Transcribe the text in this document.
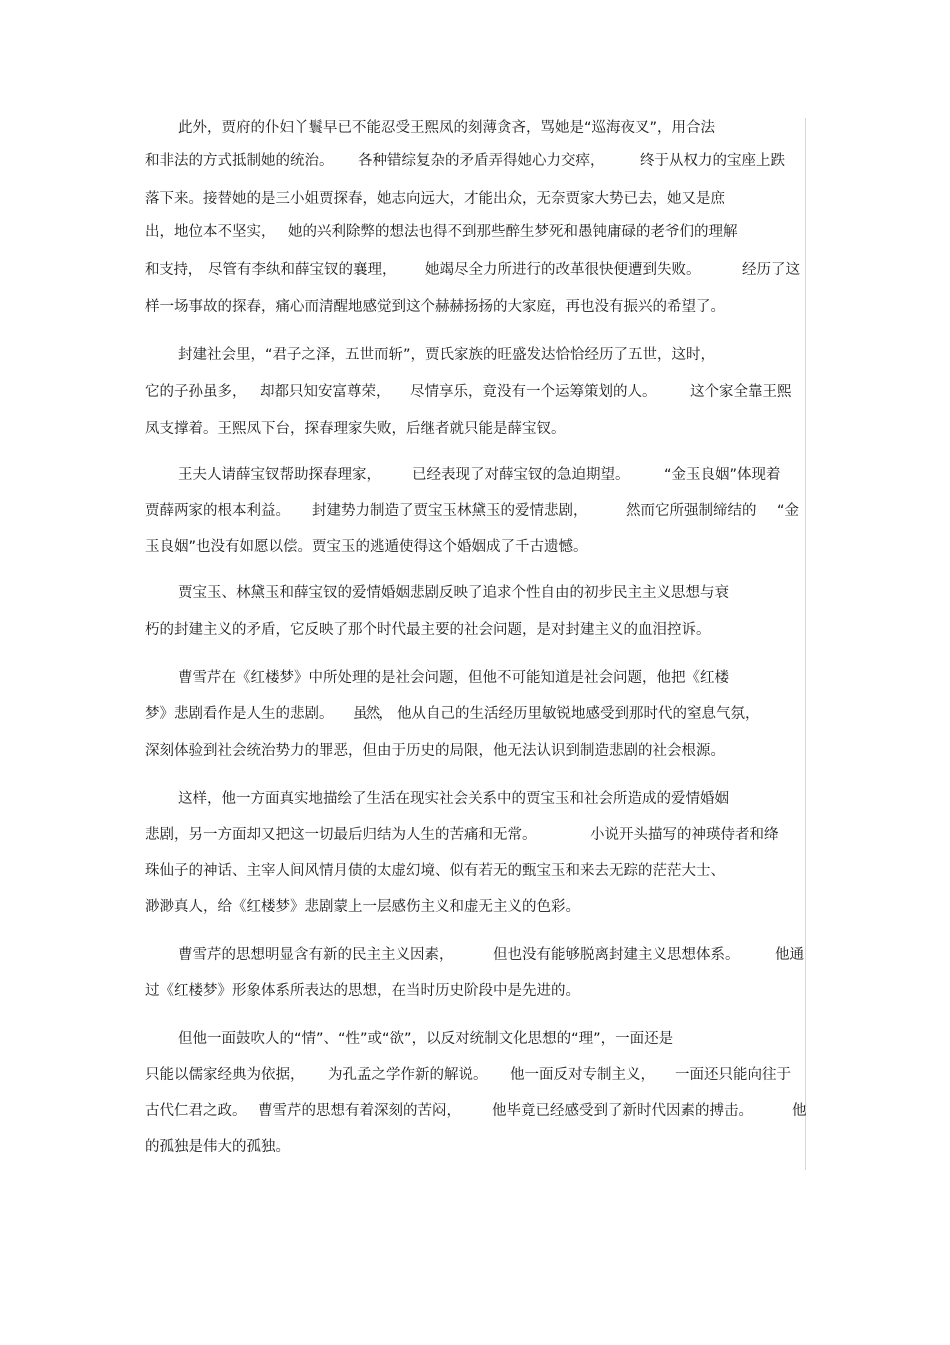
此外，贾府的仆妇丫鬟早已不能忍受王熙凤的刻薄贪吝，骂她是“巡海夜叉”，用合法
和非法的方式抵制她的统治。 各种错综复杂的矛盾弄得她心力交瘁， 终于从权力的宝座上跌
落下来。接替她的是三小姐贾探春，她志向远大，才能出众，无奈贾家大势已去，她又是庶
出，地位本不坚实， 她的兴利除弊的想法也得不到那些醉生梦死和愚钝庸碌的老爷们的理解
和支持， 尽管有李纨和薛宝钗的襄理， 她竭尽全力所进行的改革很快便遭到失败。	经历了这
样一场事故的探春，痛心而清醒地感觉到这个赫赫扬扬的大家庭，再也没有振兴的希望了。
封建社会里，“君子之泽，五世而斩”，贾氏家族的旺盛发达恰恰经历了五世，这时，
它的子孙虽多， 却都只知安富尊荣， 尽情享乐，竟没有一个运筹策划的人。 这个家全靠王熙
凤支撑着。王熙凤下台，探春理家失败，后继者就只能是薛宝钗。
王夫人请薛宝钗帮助探春理家， 已经表现了对薛宝钗的急迫期望。 “金玉良姻”体现着
贾薛两家的根本利益。 封建势力制造了贾宝玉林黛玉的爱情悲剧，	然而它所强制缔结的 “金
玉良姻”也没有如愿以偿。贾宝玉的逃遁使得这个婚姻成了千古遗憾。
贾宝玉、林黛玉和薛宝钗的爱情婚姻悲剧反映了追求个性自由的初步民主主义思想与衰
朽的封建主义的矛盾，它反映了那个时代最主要的社会问题，是对封建主义的血泪控诉。
曹雪芹在《红楼梦》中所处理的是社会问题，但他不可能知道是社会问题，他把《红楼
梦》悲剧看作是人生的悲剧。 虽然， 他从自己的生活经历里敏锐地感受到那时代的窒息气氛，
深刻体验到社会统治势力的罪恶，但由于历史的局限，他无法认识到制造悲剧的社会根源。
这样，他一方面真实地描绘了生活在现实社会关系中的贾宝玉和社会所造成的爱情婚姻
悲剧，另一方面却又把这一切最后归结为人生的苦痛和无常。	小说开头描写的神瑛侍者和绛
珠仙子的神话、主宰人间风情月债的太虚幻境、似有若无的甄宝玉和来去无踪的茫茫大士、
渺渺真人，给《红楼梦》悲剧蒙上一层感伤主义和虚无主义的色彩。
曹雪芹的思想明显含有新的民主主义因素，	但也没有能够脱离封建主义思想体系。 他通
过《红楼梦》形象体系所表达的思想，在当时历史阶段中是先进的。
但他一面鼓吹人的“情”、“性”或“欲”，以反对统制文化思想的“理”，一面还是
只能以儒家经典为依据， 为孔孟之学作新的解说。 他一面反对专制主义， 一面还只能向往于
古代仁君之政。 曹雪芹的思想有着深刻的苦闷， 他毕竟已经感受到了新时代因素的搏击。	他
的孤独是伟大的孤独。
